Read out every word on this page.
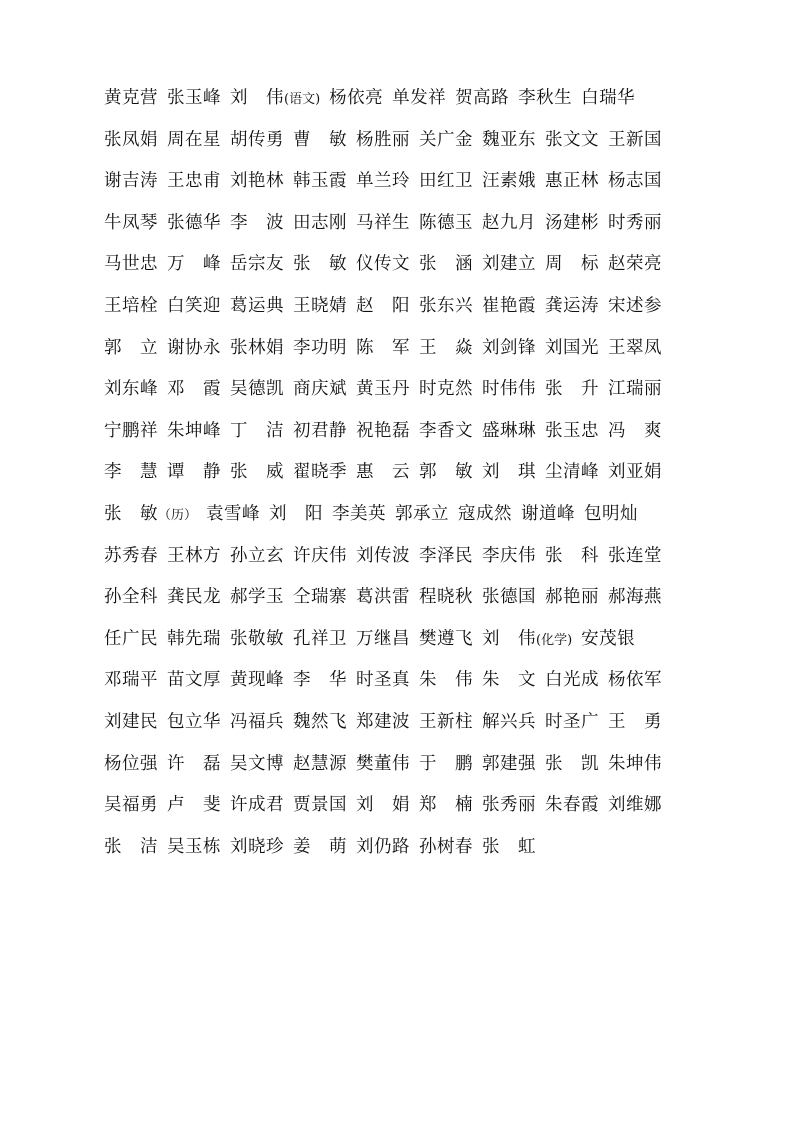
黄克营 张玉峰 刘　伟(语文) 杨依亮 单发祥 贺高路 李秋生 白瑞华
张凤娟 周在星 胡传勇 曹　敏 杨胜丽 关广金 魏亚东 张文文 王新国
谢吉涛 王忠甫 刘艳林 韩玉霞 单兰玲 田红卫 汪素娥 惠正林 杨志国
牛凤琴 张德华 李　波 田志刚 马祥生 陈德玉 赵九月 汤建彬 时秀丽
马世忠 万　峰 岳宗友 张　敏 仪传文 张　涵 刘建立 周　标 赵荣亮
王培栓 白笑迎 葛运典 王晓婧 赵　阳 张东兴 崔艳霞 龚运涛 宋述参
郭　立 谢协永 张林娟 李功明 陈　军 王　焱 刘剑锋 刘国光 王翠凤
刘东峰 邓　霞 吴德凯 商庆斌 黄玉丹 时克然 时伟伟 张　升 江瑞丽
宁鹏祥 朱坤峰 丁　洁 初君静 祝艳磊 李香文 盛琳琳 张玉忠 冯　爽
李　慧 谭　静 张　威 翟晓季 惠　云 郭　敏 刘　琪 尘清峰 刘亚娟
张　敏（历） 袁雪峰 刘　阳 李美英 郭承立 寇成然 谢道峰 包明灿
苏秀春 王林方 孙立玄 许庆伟 刘传波 李泽民 李庆伟 张　科 张连堂
孙全科 龚民龙 郝学玉 仝瑞寨 葛洪雷 程晓秋 张德国 郝艳丽 郝海燕
任广民 韩先瑞 张敬敏 孔祥卫 万继昌 樊遵飞 刘　伟(化学) 安茂银
邓瑞平 苗文厚 黄现峰 李　华 时圣真 朱　伟 朱　文 白光成 杨依军
刘建民 包立华 冯福兵 魏然飞 郑建波 王新柱 解兴兵 时圣广 王　勇
杨位强 许　磊 吴文博 赵慧源 樊董伟 于　鹏 郭建强 张　凯 朱坤伟
吴福勇 卢　斐 许成君 贾景国 刘　娟 郑　楠 张秀丽 朱春霞 刘维娜
张　洁 吴玉栋 刘晓珍 姜　萌 刘仍路 孙树春 张　虹
